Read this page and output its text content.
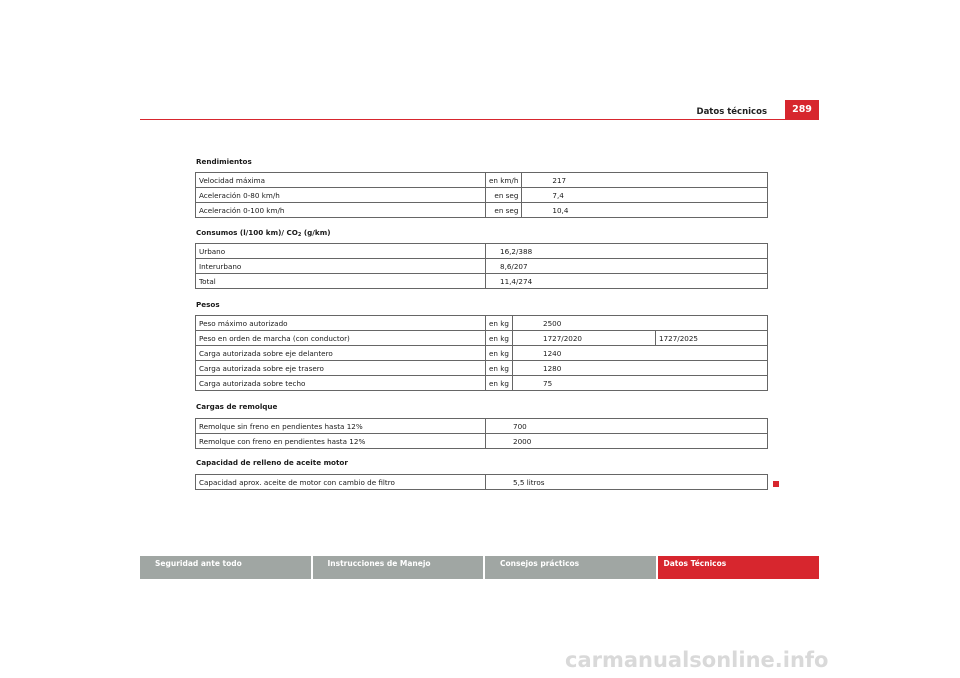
Datos técnicos	289
Rendimientos
Velocidad máxima	en km/h	217
Aceleración 0-80 km/h	en seg	7,4
Aceleración 0-100 km/h	en seg	10,4
Consumos (l/100 km)/ $CO_2$ (g/km)
Urbano	16,2/388
Interurbano	8,6/207
Total	11,4/274
Pesos
Peso máximo autorizado	en kg	2500	
Peso en orden de marcha (con conductor)	en kg	1727/2020	1727/2025
Carga autorizada sobre eje delantero	en kg	1240	
Carga autorizada sobre eje trasero	en kg	1280	
Carga autorizada sobre techo	en kg	75	
Cargas de remolque
Remolque sin freno en pendientes hasta 12%	700
Remolque con freno en pendientes hasta 12%	2000
Capacidad de relleno de aceite motor
Capacidad aprox. aceite de motor con cambio de filtro	5,5 litros
Seguridad ante todo	Instrucciones de Manejo	Consejos prácticos	Datos Técnicos
carmanualsonline.info
